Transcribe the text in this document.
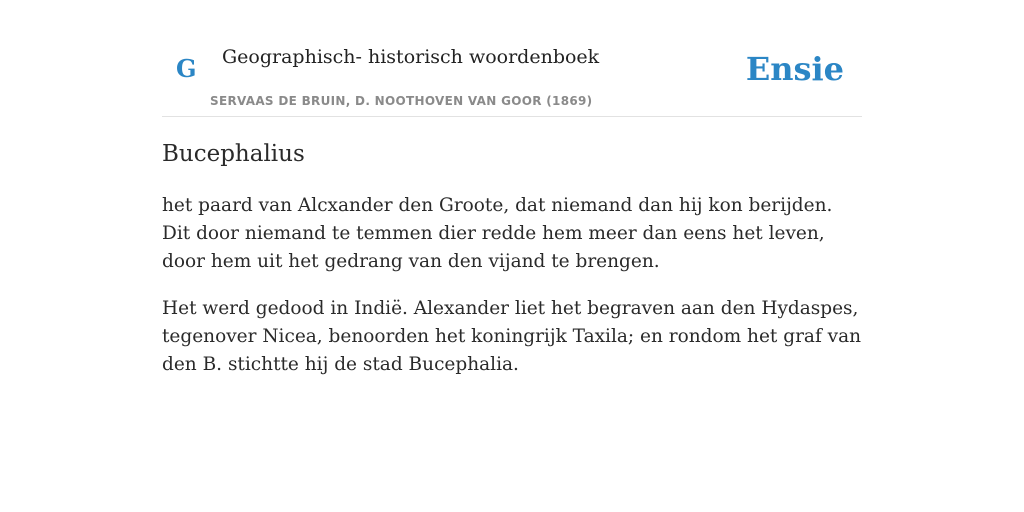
G Geographisch- historisch woordenboek
SERVAAS DE BRUIN, D. NOOTHOVEN VAN GOOR (1869)
Ensie
Bucephalius

het paard van Alcxander den Groote, dat niemand dan hij kon berijden. Dit door niemand te temmen dier redde hem meer dan eens het leven, door hem uit het gedrang van den vijand te brengen.

Het werd gedood in Indië. Alexander liet het begraven aan den Hydaspes, tegenover Nicea, benoorden het koningrijk Taxila; en rondom het graf van den B. stichtte hij de stad Bucephalia.
